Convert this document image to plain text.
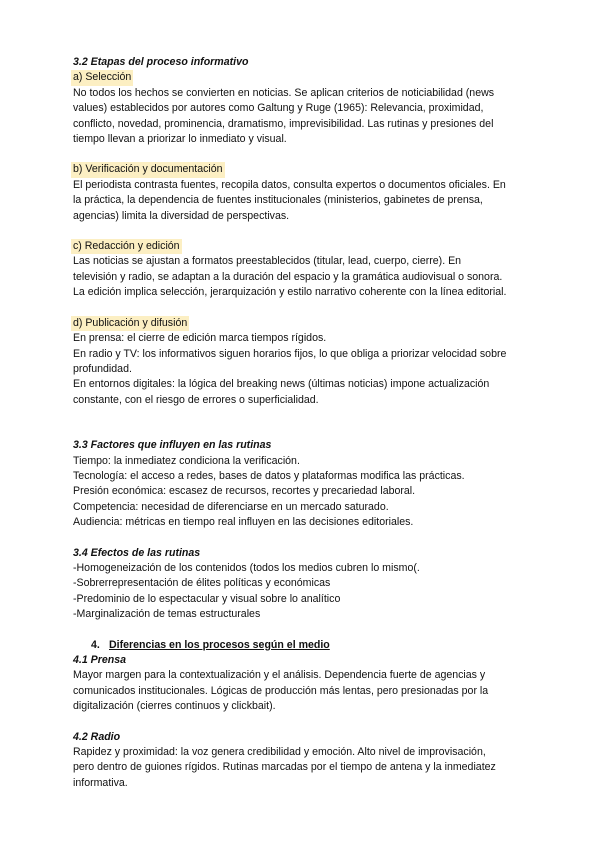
3.2 Etapas del proceso informativo

a) Selección

No todos los hechos se convierten en noticias. Se aplican criterios de noticiabilidad (news

values) establecidos por autores como Galtung y Ruge (1965): Relevancia, proximidad,

conflicto, novedad, prominencia, dramatismo, imprevisibilidad. Las rutinas y presiones del

tiempo llevan a priorizar lo inmediato y visual.

b) Verificación y documentación

El periodista contrasta fuentes, recopila datos, consulta expertos o documentos oficiales. En

la práctica, la dependencia de fuentes institucionales (ministerios, gabinetes de prensa,

agencias) limita la diversidad de perspectivas.

c) Redacción y edición

Las noticias se ajustan a formatos preestablecidos (titular, lead, cuerpo, cierre). En

televisión y radio, se adaptan a la duración del espacio y la gramática audiovisual o sonora.

La edición implica selección, jerarquización y estilo narrativo coherente con la línea editorial.

d) Publicación y difusión

En prensa: el cierre de edición marca tiempos rígidos.

En radio y TV: los informativos siguen horarios fijos, lo que obliga a priorizar velocidad sobre

profundidad.

En entornos digitales: la lógica del breaking news (últimas noticias) impone actualización

constante, con el riesgo de errores o superficialidad.

3.3 Factores que influyen en las rutinas

Tiempo: la inmediatez condiciona la verificación.

Tecnología: el acceso a redes, bases de datos y plataformas modifica las prácticas.

Presión económica: escasez de recursos, recortes y precariedad laboral.

Competencia: necesidad de diferenciarse en un mercado saturado.

Audiencia: métricas en tiempo real influyen en las decisiones editoriales.

3.4 Efectos de las rutinas

-Homogeneización de los contenidos (todos los medios cubren lo mismo(.

-Sobrerrepresentación de élites políticas y económicas

-Predominio de lo espectacular y visual sobre lo analítico

-Marginalización de temas estructurales

4. Diferencias en los procesos según el medio

4.1 Prensa

Mayor margen para la contextualización y el análisis. Dependencia fuerte de agencias y

comunicados institucionales. Lógicas de producción más lentas, pero presionadas por la

digitalización (cierres continuos y clickbait).

4.2 Radio

Rapidez y proximidad: la voz genera credibilidad y emoción. Alto nivel de improvisación,

pero dentro de guiones rígidos. Rutinas marcadas por el tiempo de antena y la inmediatez

informativa.
